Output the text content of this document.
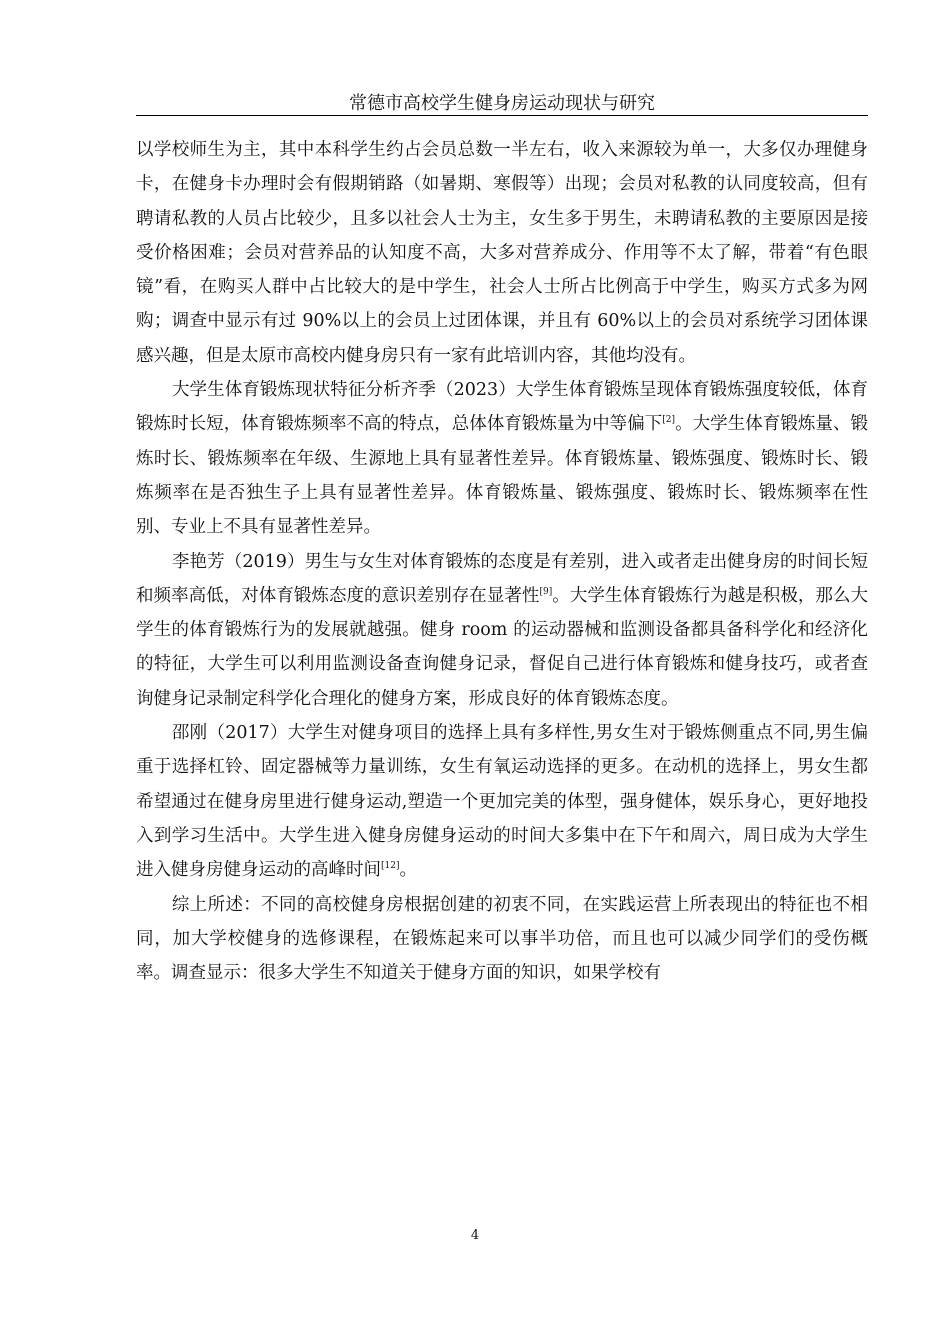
常德市高校学生健身房运动现状与研究

以学校师生为主，其中本科学生约占会员总数一半左右，收入来源较为单一，大多仅办理健身卡，在健身卡办理时会有假期销路（如暑期、寒假等）出现；会员对私教的认同度较高，但有聘请私教的人员占比较少，且多以社会人士为主，女生多于男生，未聘请私教的主要原因是接受价格困难；会员对营养品的认知度不高，大多对营养成分、作用等不太了解，带着“有色眼镜”看，在购买人群中占比较大的是中学生，社会人士所占比例高于中学生，购买方式多为网购；调查中显示有过 90%以上的会员上过团体课，并且有 60%以上的会员对系统学习团体课感兴趣，但是太原市高校内健身房只有一家有此培训内容，其他均没有。

大学生体育锻炼现状特征分析齐季（2023）大学生体育锻炼呈现体育锻炼强度较低，体育锻炼时长短，体育锻炼频率不高的特点，总体体育锻炼量为中等偏下[2]。大学生体育锻炼量、锻炼时长、锻炼频率在年级、生源地上具有显著性差异。体育锻炼量、锻炼强度、锻炼时长、锻炼频率在是否独生子上具有显著性差异。体育锻炼量、锻炼强度、锻炼时长、锻炼频率在性别、专业上不具有显著性差异。

李艳芳（2019）男生与女生对体育锻炼的态度是有差别，进入或者走出健身房的时间长短和频率高低，对体育锻炼态度的意识差别存在显著性[9]。大学生体育锻炼行为越是积极，那么大学生的体育锻炼行为的发展就越强。健身 room 的运动器械和监测设备都具备科学化和经济化的特征，大学生可以利用监测设备查询健身记录，督促自己进行体育锻炼和健身技巧，或者查询健身记录制定科学化合理化的健身方案，形成良好的体育锻炼态度。

邵刚（2017）大学生对健身项目的选择上具有多样性,男女生对于锻炼侧重点不同,男生偏重于选择杠铃、固定器械等力量训练，女生有氧运动选择的更多。在动机的选择上，男女生都希望通过在健身房里进行健身运动,塑造一个更加完美的体型，强身健体，娱乐身心，更好地投入到学习生活中。大学生进入健身房健身运动的时间大多集中在下午和周六，周日成为大学生进入健身房健身运动的高峰时间[12]。

综上所述：不同的高校健身房根据创建的初衷不同，在实践运营上所表现出的特征也不相同，加大学校健身的选修课程，在锻炼起来可以事半功倍，而且也可以减少同学们的受伤概率。调查显示：很多大学生不知道关于健身方面的知识，如果学校有

4
